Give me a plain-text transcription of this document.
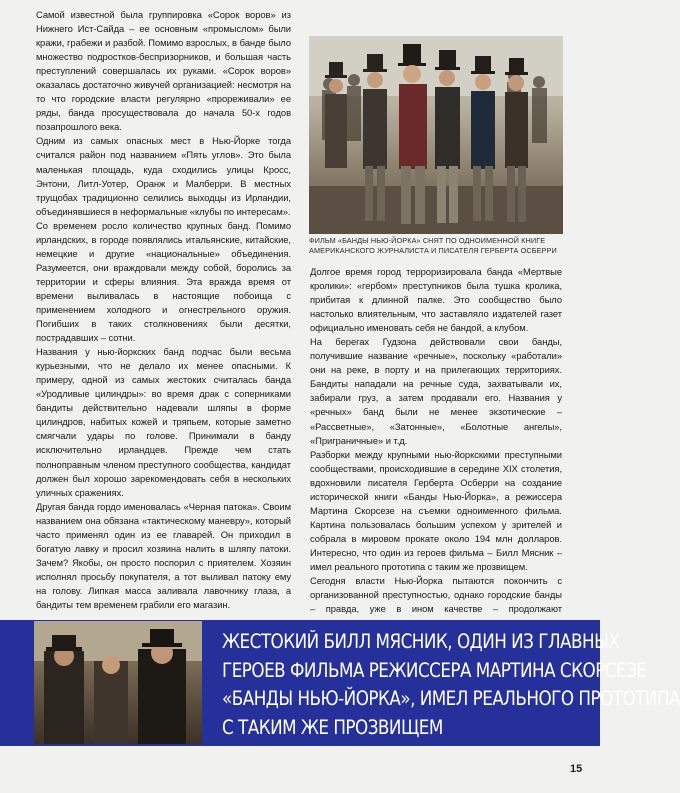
Самой известной была группировка «Сорок воров» из Нижнего Ист-Сайда – ее основным «промыслом» были кражи, грабежи и разбой. Помимо взрослых, в банде было множество подростков-беспризорников, и большая часть преступлений совершалась их руками. «Сорок воров» оказалась достаточно живучей организацией: несмотря на то что городские власти регулярно «прореживали» ее ряды, банда просуществовала до начала 50-х годов позапрошлого века.

Одним из самых опасных мест в Нью-Йорке тогда считался район под названием «Пять углов». Это была маленькая площадь, куда сходились улицы Кросс, Энтони, Литл-Уотер, Оранж и Малберри. В местных трущобах традиционно селились выходцы из Ирландии, объединявшиеся в неформальные «клубы по интересам».

Со временем росло количество крупных банд. Помимо ирландских, в городе появлялись итальянские, китайские, немецкие и другие «национальные» объединения. Разумеется, они враждовали между собой, боролись за территории и сферы влияния. Эта вражда время от времени выливалась в настоящие побоища с применением холодного и огнестрельного оружия. Погибших в таких столкновениях были десятки, пострадавших – сотни.

Названия у нью-йоркских банд подчас были весьма курьезными, что не делало их менее опасными. К примеру, одной из самых жестоких считалась банда «Уродливые цилиндры»: во время драк с соперниками бандиты действительно надевали шляпы в форме цилиндров, набитых кожей и тряпьем, которые заметно смягчали удары по голове. Принимали в банду исключительно ирландцев. Прежде чем стать полноправным членом преступного сообщества, кандидат должен был хорошо зарекомендовать себя в нескольких уличных сражениях.

Другая банда гордо именовалась «Черная патока». Своим названием она обязана «тактическому маневру», который часто применял один из ее главарей. Он приходил в богатую лавку и просил хозяина налить в шляпу патоки. Зачем? Якобы, он просто поспорил с приятелем. Хозяин исполнял просьбу покупателя, а тот выливал патоку ему на голову. Липкая масса заливала лавочнику глаза, а бандиты тем временем грабили его магазин.

ФИЛЬМ «БАНДЫ НЬЮ-ЙОРКА» СНЯТ ПО ОДНОИМЕННОЙ КНИГЕ АМЕРИКАНСКОГО ЖУРНАЛИСТА И ПИСАТЕЛЯ ГЕРБЕРТА ОСБЕРРИ

Долгое время город терроризировала банда «Мертвые кролики»: «гербом» преступников была тушка кролика, прибитая к длинной палке. Это сообщество было настолько влиятельным, что заставляло издателей газет официально именовать себя не бандой, а клубом.

На берегах Гудзона действовали свои банды, получившие название «речные», поскольку «работали» они на реке, в порту и на прилегающих территориях. Бандиты нападали на речные суда, захватывали их, забирали груз, а затем продавали его. Названия у «речных» банд были не менее экзотические – «Рассветные», «Затонные», «Болотные ангелы», «Приграничные» и т.д.

Разборки между крупными нью-йоркскими преступными сообществами, происходившие в середине XIX столетия, вдохновили писателя Герберта Осберри на создание исторической книги «Банды Нью-Йорка», а режиссера Мартина Скорсезе на съемки одноименного фильма. Картина пользовалась большим успехом у зрителей и собрала в мировом прокате около 194 млн долларов. Интересно, что один из героев фильма – Билл Мясник – имел реального прототипа с таким же прозвищем.

Сегодня власти Нью-Йорка пытаются покончить с организованной преступностью, однако городские банды – правда, уже в ином качестве – продолжают

ЖЕСТОКИЙ БИЛЛ МЯСНИК, ОДИН ИЗ ГЛАВНЫХ
ГЕРОЕВ ФИЛЬМА РЕЖИССЕРА МАРТИНА СКОРСЕЗЕ
«БАНДЫ НЬЮ-ЙОРКА», ИМЕЛ РЕАЛЬНОГО ПРОТОТИПА
С ТАКИМ ЖЕ ПРОЗВИЩЕМ
15
